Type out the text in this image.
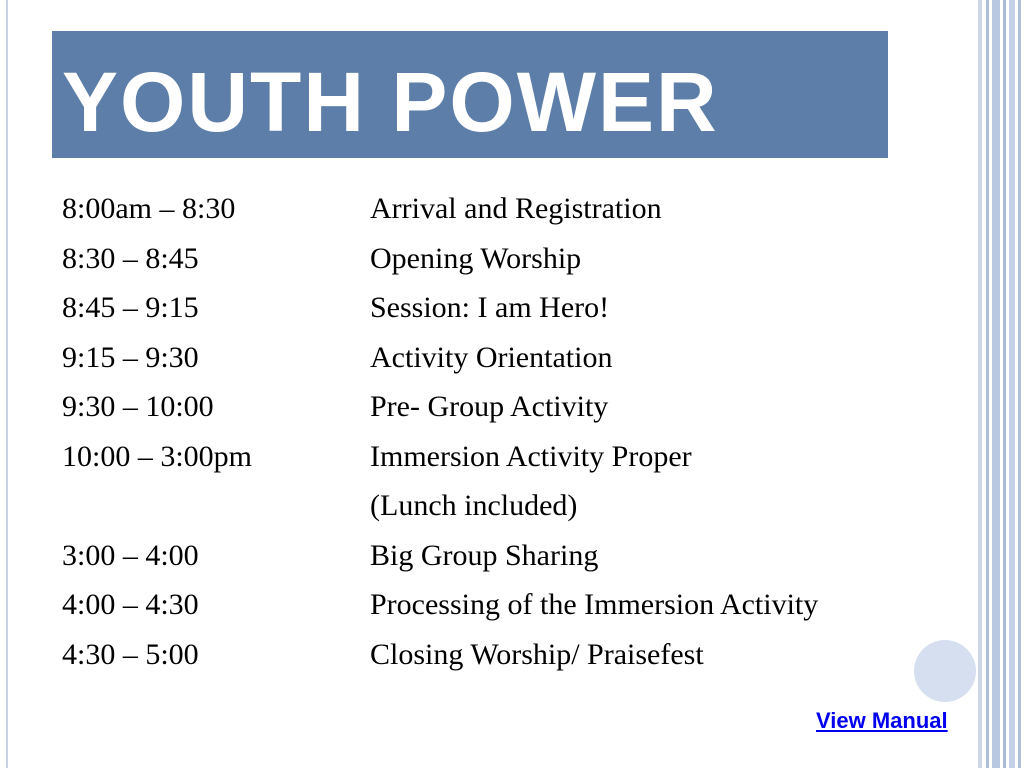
YOUTH POWER
8:00am – 8:30	Arrival and Registration
8:30 – 8:45	Opening Worship
8:45 – 9:15	Session: I am Hero!
9:15 – 9:30	Activity Orientation
9:30 – 10:00	Pre- Group Activity
10:00 – 3:00pm	Immersion Activity Proper
(Lunch included)
3:00 – 4:00	Big Group Sharing
4:00 – 4:30	Processing of the Immersion Activity
4:30 – 5:00	Closing Worship/ Praisefest
View Manual
